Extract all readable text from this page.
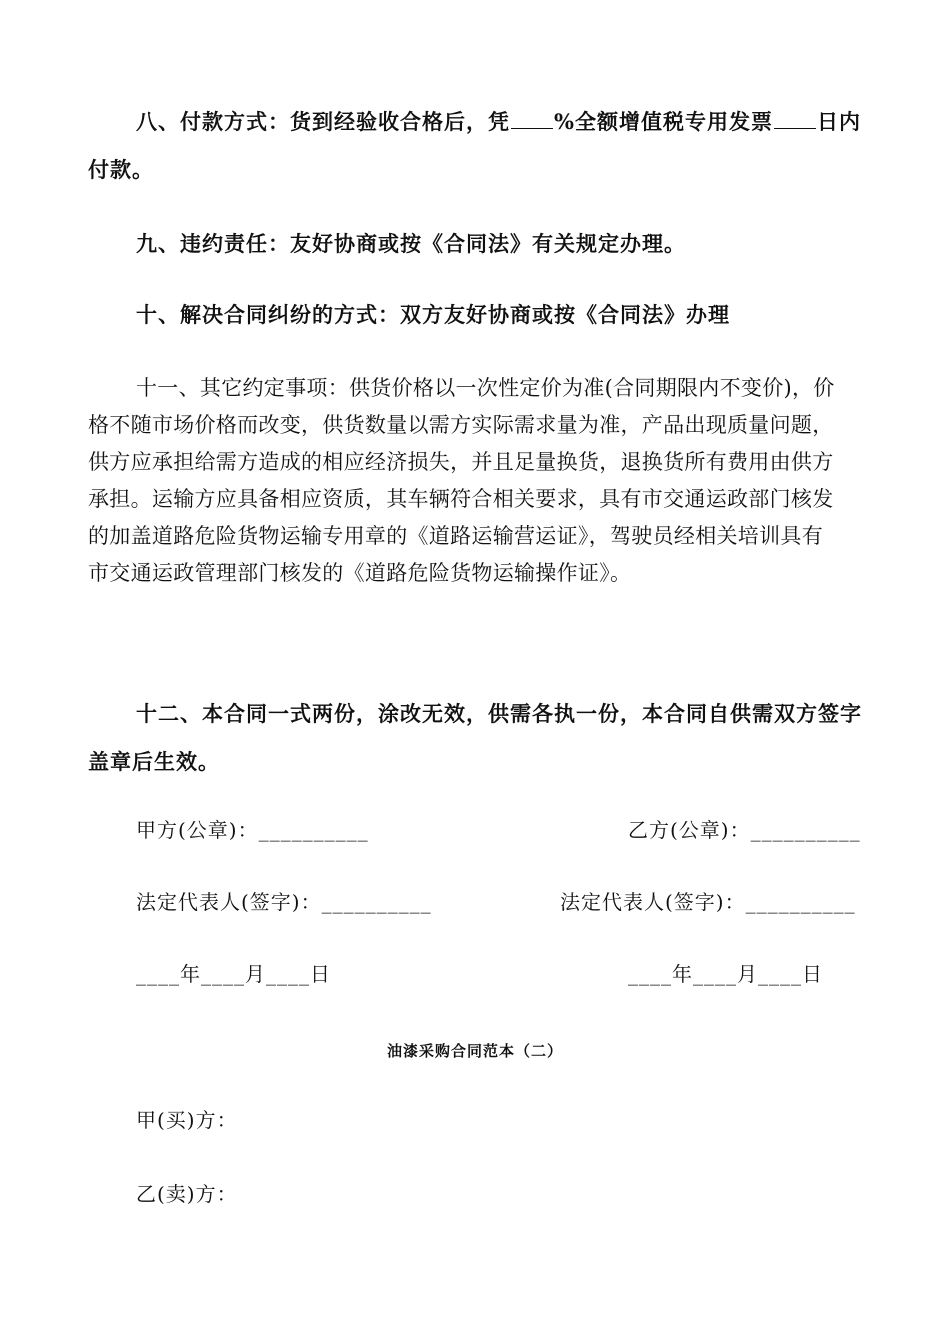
八、付款方式：货到经验收合格后，凭 %全额增值税专用发票 日内
付款。
九、违约责任：友好协商或按《合同法》有关规定办理。
十、解决合同纠纷的方式：双方友好协商或按《合同法》办理
十一、其它约定事项：供货价格以一次性定价为准(合同期限内不变价)，价
格不随市场价格而改变，供货数量以需方实际需求量为准，产品出现质量问题，
供方应承担给需方造成的相应经济损失，并且足量换货，退换货所有费用由供方
承担。运输方应具备相应资质，其车辆符合相关要求，具有市交通运政部门核发
的加盖道路危险货物运输专用章的《道路运输营运证》，驾驶员经相关培训具有
市交通运政管理部门核发的《道路危险货物运输操作证》。
十二、本合同一式两份，涂改无效，供需各执一份，本合同自供需双方签字
盖章后生效。
甲方(公章)：__________	乙方(公章)：__________
法定代表人(签字)：__________	法定代表人(签字)：__________
____年____月____日	____年____月____日
油漆采购合同范本（二）
甲(买)方：
乙(卖)方：
